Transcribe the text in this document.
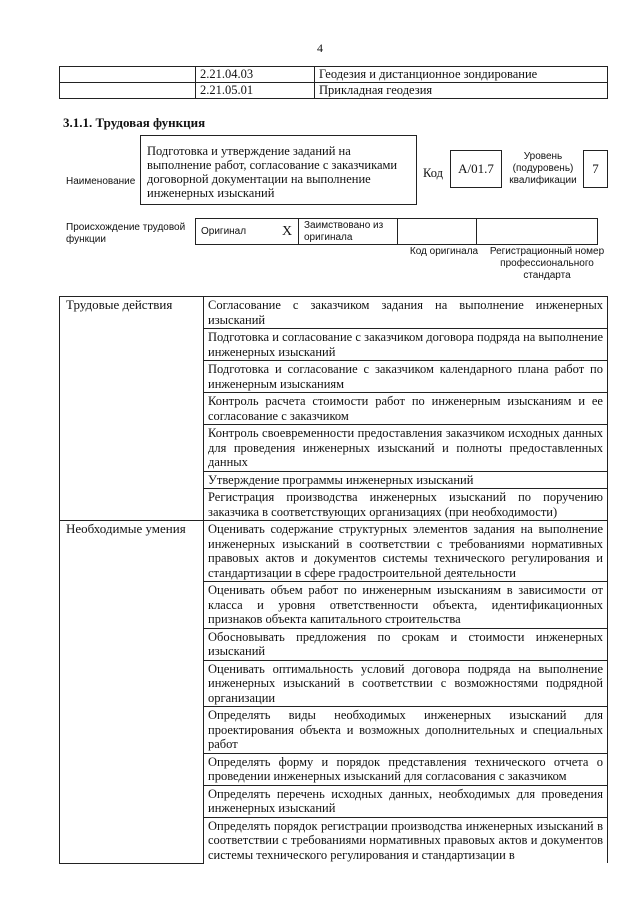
4
	2.21.04.03	Геодезия и дистанционное зондирование
	2.21.05.01	Прикладная геодезия
3.1.1. Трудовая функция
Наименование
Подготовка и утверждение заданий на выполнение работ, согласование с заказчиками договорной документации на выполнение инженерных изысканий
Код	A/01.7
Уровень (подуровень) квалификации
7
Происхождение трудовой функции
Оригинал	X	Заимствовано из оригинала		
Код оригинала	Регистрационный номер профессионального стандарта
Трудовые действия	Согласование с заказчиком задания на выполнение инженерных изысканий
	Подготовка и согласование с заказчиком договора подряда на выполнение инженерных изысканий
	Подготовка и согласование с заказчиком календарного плана работ по инженерным изысканиям
	Контроль расчета стоимости работ по инженерным изысканиям и ее согласование с заказчиком
	Контроль своевременности предоставления заказчиком исходных данных для проведения инженерных изысканий и полноты предоставленных данных
	Утверждение программы инженерных изысканий
	Регистрация производства инженерных изысканий по поручению заказчика в соответствующих организациях (при необходимости)
Необходимые умения	Оценивать содержание структурных элементов задания на выполнение инженерных изысканий в соответствии с требованиями нормативных правовых актов и документов системы технического регулирования и стандартизации в сфере градостроительной деятельности
	Оценивать объем работ по инженерным изысканиям в зависимости от класса и уровня ответственности объекта, идентификационных признаков объекта капитального строительства
	Обосновывать предложения по срокам и стоимости инженерных изысканий
	Оценивать оптимальность условий договора подряда на выполнение инженерных изысканий в соответствии с возможностями подрядной организации
	Определять виды необходимых инженерных изысканий для проектирования объекта и возможных дополнительных и специальных работ
	Определять форму и порядок представления технического отчета о проведении инженерных изысканий для согласования с заказчиком
	Определять перечень исходных данных, необходимых для проведения инженерных изысканий
	Определять порядок регистрации производства инженерных изысканий в соответствии с требованиями нормативных правовых актов и документов системы технического регулирования и стандартизации в
